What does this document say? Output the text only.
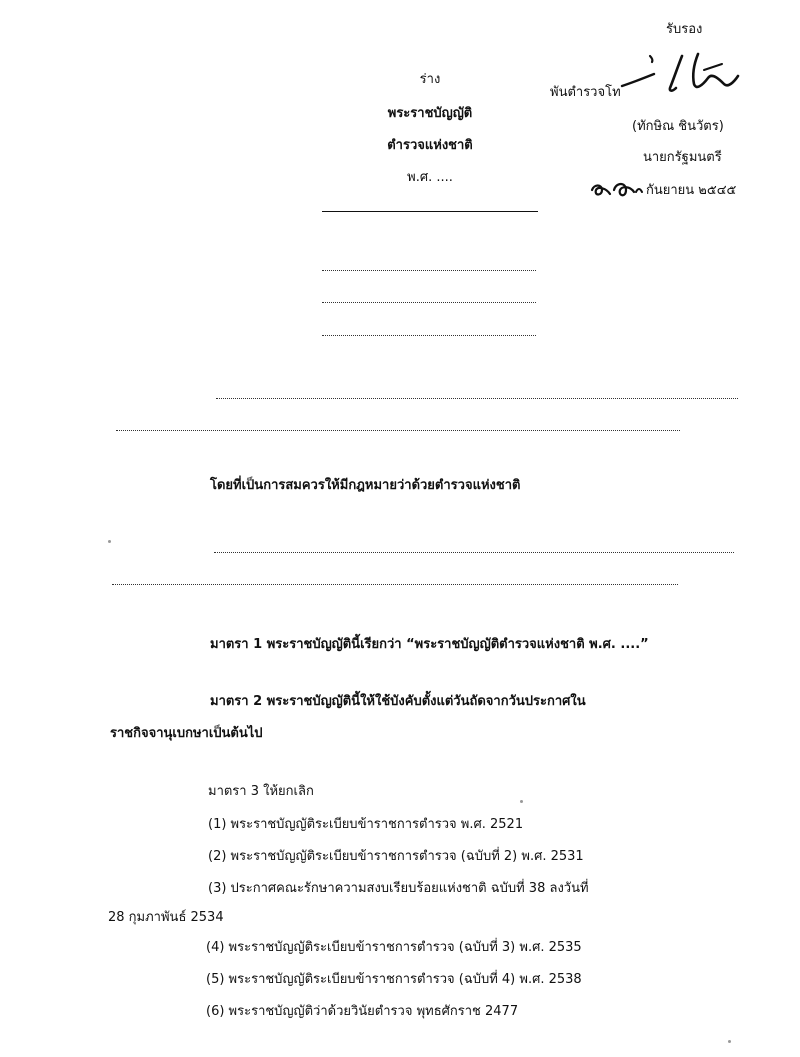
รับรอง
พันตำรวจโท
(ทักษิณ ชินวัตร)
นายกรัฐมนตรี
กันยายน ๒๕๔๕
ร่าง
พระราชบัญญัติ
ตำรวจแห่งชาติ
พ.ศ. ....
โดยที่เป็นการสมควรให้มีกฎหมายว่าด้วยตำรวจแห่งชาติ
มาตรา 1 พระราชบัญญัตินี้เรียกว่า “พระราชบัญญัติตำรวจแห่งชาติ พ.ศ. ....”
มาตรา 2 พระราชบัญญัตินี้ให้ใช้บังคับตั้งแต่วันถัดจากวันประกาศใน
ราชกิจจานุเบกษาเป็นต้นไป
มาตรา 3 ให้ยกเลิก
(1) พระราชบัญญัติระเบียบข้าราชการตำรวจ พ.ศ. 2521
(2) พระราชบัญญัติระเบียบข้าราชการตำรวจ (ฉบับที่ 2) พ.ศ. 2531
(3) ประกาศคณะรักษาความสงบเรียบร้อยแห่งชาติ ฉบับที่ 38 ลงวันที่
28 กุมภาพันธ์ 2534
(4) พระราชบัญญัติระเบียบข้าราชการตำรวจ (ฉบับที่ 3) พ.ศ. 2535
(5) พระราชบัญญัติระเบียบข้าราชการตำรวจ (ฉบับที่ 4) พ.ศ. 2538
(6) พระราชบัญญัติว่าด้วยวินัยตำรวจ พุทธศักราช 2477
